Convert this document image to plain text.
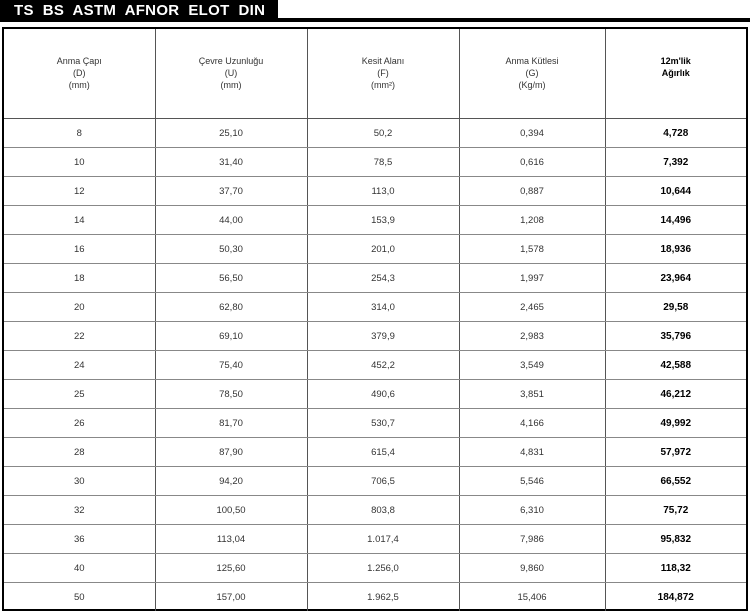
TS  BS  ASTM  AFNOR  ELOT  DIN
Anma Çapı
(D)
(mm)	Çevre Uzunluğu
(U)
(mm)	Kesit Alanı
(F)
(mm²)	Anma Kütlesi
(G)
(Kg/m)	12m'lik
Ağırlık

8	25,10	50,2	0,394	4,728
10	31,40	78,5	0,616	7,392
12	37,70	113,0	0,887	10,644
14	44,00	153,9	1,208	14,496
16	50,30	201,0	1,578	18,936
18	56,50	254,3	1,997	23,964
20	62,80	314,0	2,465	29,58
22	69,10	379,9	2,983	35,796
24	75,40	452,2	3,549	42,588
25	78,50	490,6	3,851	46,212
26	81,70	530,7	4,166	49,992
28	87,90	615,4	4,831	57,972
30	94,20	706,5	5,546	66,552
32	100,50	803,8	6,310	75,72
36	113,04	1.017,4	7,986	95,832
40	125,60	1.256,0	9,860	118,32
50	157,00	1.962,5	15,406	184,872
